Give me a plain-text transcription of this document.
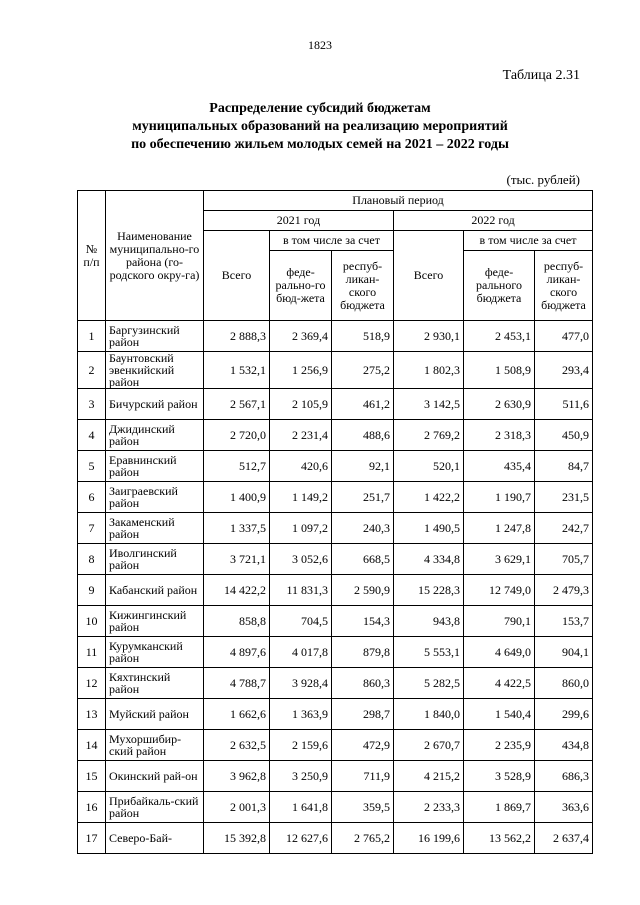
1823
Таблица 2.31
Распределение субсидий бюджетам
муниципальных образований на реализацию мероприятий
по обеспечению жильем молодых семей на 2021 – 2022 годы
(тыс. рублей)
№ п/п	Наименование муниципально-го района (го-родского окру-га)	Плановый период					
		2021 год			2022 год		
		Всего	в том числе за счет		Всего	в том числе за счет	
			феде-рально-го бюд-жета	респуб-ликан-ского бюджета		феде-рального бюджета	респуб-ликан-ского бюджета
1	Баргузинский район	2 888,3	2 369,4	518,9	2 930,1	2 453,1	477,0
2	Баунтовский эвенкийский район	1 532,1	1 256,9	275,2	1 802,3	1 508,9	293,4
3	Бичурский район	2 567,1	2 105,9	461,2	3 142,5	2 630,9	511,6
4	Джидинский район	2 720,0	2 231,4	488,6	2 769,2	2 318,3	450,9
5	Еравнинский район	512,7	420,6	92,1	520,1	435,4	84,7
6	Заиграевский район	1 400,9	1 149,2	251,7	1 422,2	1 190,7	231,5
7	Закаменский район	1 337,5	1 097,2	240,3	1 490,5	1 247,8	242,7
8	Иволгинский район	3 721,1	3 052,6	668,5	4 334,8	3 629,1	705,7
9	Кабанский район	14 422,2	11 831,3	2 590,9	15 228,3	12 749,0	2 479,3
10	Кижингинский район	858,8	704,5	154,3	943,8	790,1	153,7
11	Курумканский район	4 897,6	4 017,8	879,8	5 553,1	4 649,0	904,1
12	Кяхтинский район	4 788,7	3 928,4	860,3	5 282,5	4 422,5	860,0
13	Муйский район	1 662,6	1 363,9	298,7	1 840,0	1 540,4	299,6
14	Мухоршибир-ский район	2 632,5	2 159,6	472,9	2 670,7	2 235,9	434,8
15	Окинский рай-он	3 962,8	3 250,9	711,9	4 215,2	3 528,9	686,3
16	Прибайкаль-ский район	2 001,3	1 641,8	359,5	2 233,3	1 869,7	363,6
17	Северо-Бай-	15 392,8	12 627,6	2 765,2	16 199,6	13 562,2	2 637,4
